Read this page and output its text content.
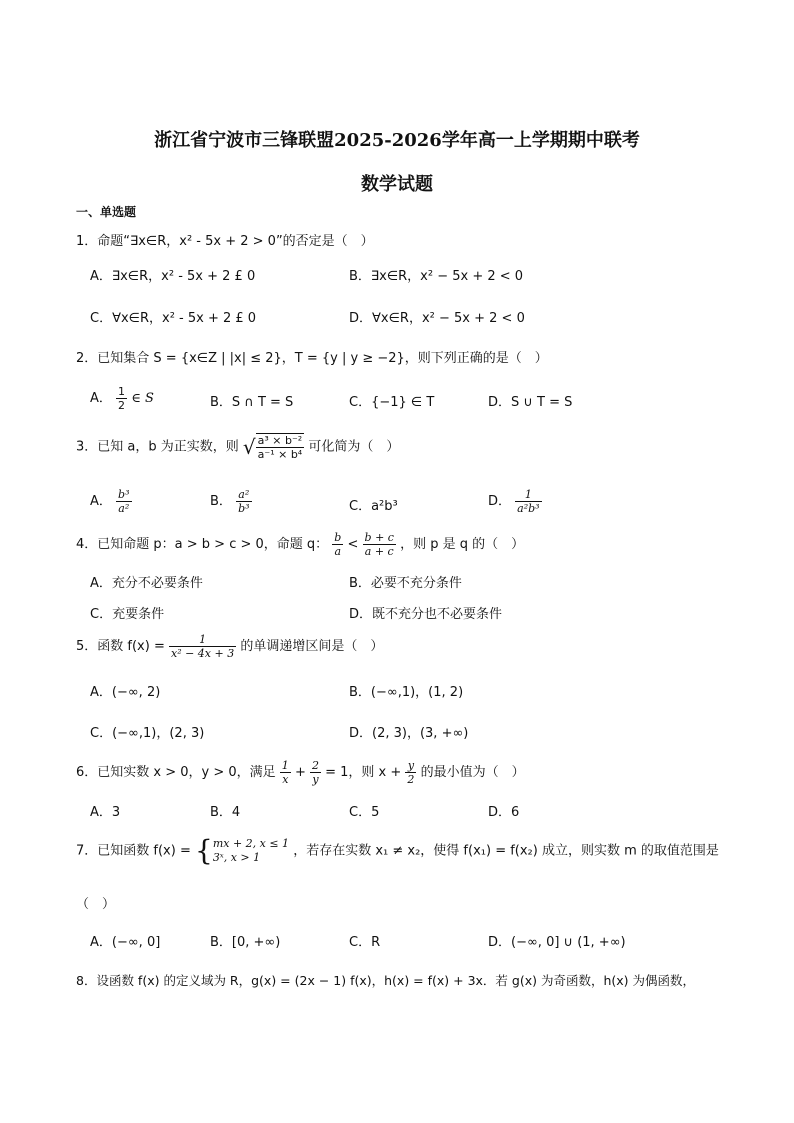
浙江省宁波市三锋联盟2025-2026学年高一上学期期中联考
数学试题
一、单选题
1．命题“∃x∈R，x² - 5x + 2 > 0”的否定是（　）
A．∃x∈R，x² - 5x + 2 £ 0	B．∃x∈R，x² − 5x + 2 < 0
C．∀x∈R，x² - 5x + 2 £ 0	D．∀x∈R，x² − 5x + 2 < 0
2．已知集合 S = {x∈Z | |x| ≤ 2}，T = {y | y ≥ −2}，则下列正确的是（　）
A． $\frac{1}{2}$ ∈ S	B．S ∩ T = S	C．{−1} ∈ T	D．S ∪ T = S
3．已知 a，b 为正实数，则 √ $\frac{\text{a³ × b⁻²}}{\text{a⁻¹ × b⁴}}$ 可化简为（　）
A． $\frac{\text{b³}}{\text{a²}}$	B． $\frac{\text{a²}}{\text{b³}}$	C．a²b³	D． $\frac{1}{\text{a²b³}}$
4．已知命题 p：a > b > c > 0，命题 q： $\frac{b}{a} < \frac{b + c}{a + c}$ ，则 p 是 q 的（　）
A．充分不必要条件	B．必要不充分条件
C．充要条件	D．既不充分也不必要条件
5．函数 $f(x) = \frac{1}{\text{x² − 4x + 3}}$ 的单调递增区间是（　）
A．(−∞, 2)	B．(−∞,1)，(1, 2)
C．(−∞,1)，(2, 3)	D．(2, 3)，(3, +∞)
6．已知实数 x > 0，y > 0，满足 $\frac{1}{x} + \frac{2}{y} = 1$，则 $x + \frac{y}{2}$ 的最小值为（　）
A．3	B．4	C．5	D．6
7．已知函数 f(x) = { mx + 2, x ≤ 1
3ˣ, x > 1	，若存在实数 x₁ ≠ x₂，使得 f(x₁) = f(x₂) 成立，则实数 m 的取值范围是
（　）
A．(−∞, 0]	B．[0, +∞)	C．R	D．(−∞, 0] ∪ (1, +∞)
8．设函数 f(x) 的定义域为 R，g(x) = (2x − 1) f(x)，h(x) = f(x) + 3x．若 g(x) 为奇函数，h(x) 为偶函数，
